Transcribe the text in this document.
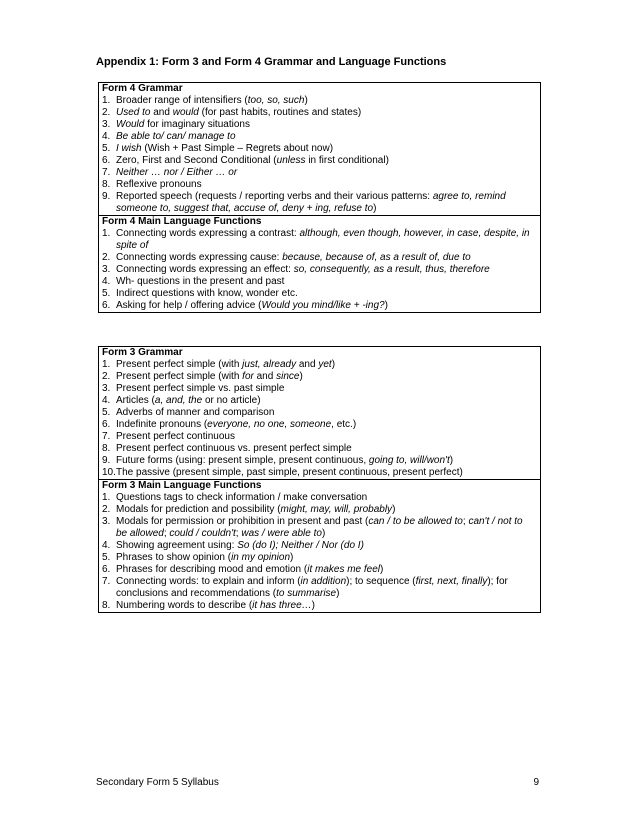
Appendix 1: Form 3 and Form 4 Grammar and Language Functions
Form 4 Grammar
1. Broader range of intensifiers (too, so, such)
2. Used to and would (for past habits, routines and states)
3. Would for imaginary situations
4. Be able to/ can/ manage to
5. I wish (Wish + Past Simple – Regrets about now)
6. Zero, First and Second Conditional (unless in first conditional)
7. Neither … nor / Either … or
8. Reflexive pronouns
9. Reported speech (requests / reporting verbs and their various patterns: agree to, remind someone to, suggest that, accuse of, deny + ing, refuse to)
Form 4 Main Language Functions
1. Connecting words expressing a contrast: although, even though, however, in case, despite, in spite of
2. Connecting words expressing cause: because, because of, as a result of, due to
3. Connecting words expressing an effect: so, consequently, as a result, thus, therefore
4. Wh- questions in the present and past
5. Indirect questions with know, wonder etc.
6. Asking for help / offering advice (Would you mind/like + -ing?)
Form 3 Grammar
1. Present perfect simple (with just, already and yet)
2. Present perfect simple (with for and since)
3. Present perfect simple vs. past simple
4. Articles (a, and, the or no article)
5. Adverbs of manner and comparison
6. Indefinite pronouns (everyone, no one, someone, etc.)
7. Present perfect continuous
8. Present perfect continuous vs. present perfect simple
9. Future forms (using: present simple, present continuous, going to, will/won't)
10. The passive (present simple, past simple, present continuous, present perfect)
Form 3 Main Language Functions
1. Questions tags to check information / make conversation
2. Modals for prediction and possibility (might, may, will, probably)
3. Modals for permission or prohibition in present and past (can / to be allowed to; can't / not to be allowed; could / couldn't; was / were able to)
4. Showing agreement using: So (do I); Neither / Nor (do I)
5. Phrases to show opinion (in my opinion)
6. Phrases for describing mood and emotion (it makes me feel)
7. Connecting words: to explain and inform (in addition); to sequence (first, next, finally); for conclusions and recommendations (to summarise)
8. Numbering words to describe (it has three…)
Secondary Form 5 Syllabus	9
